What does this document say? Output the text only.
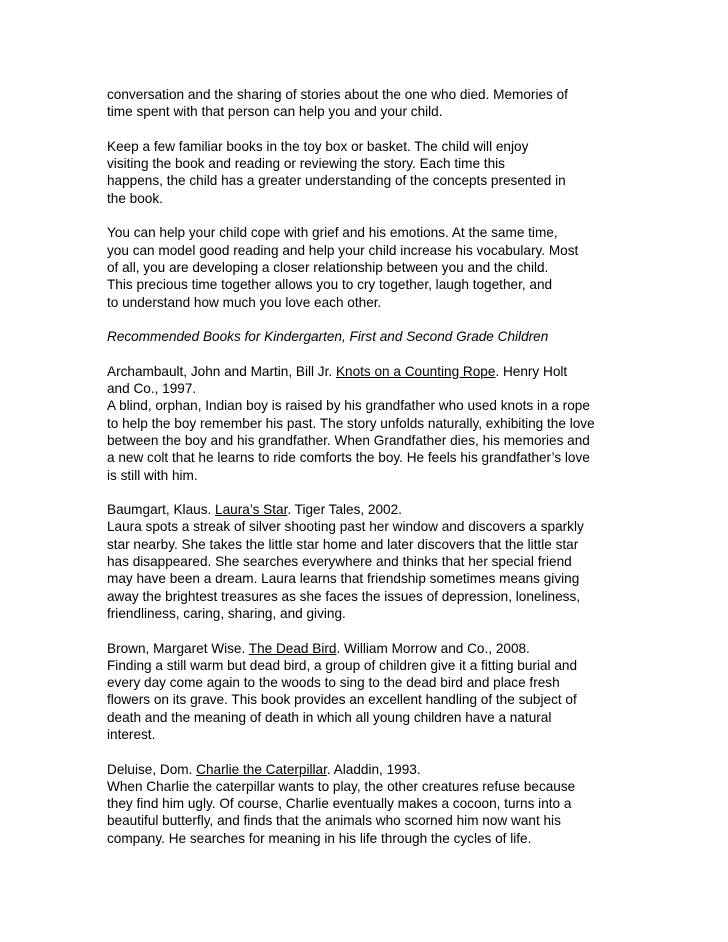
conversation and the sharing of stories about the one who died. Memories of
time spent with that person can help you and your child.
Keep a few familiar books in the toy box or basket. The child will enjoy
visiting the book and reading or reviewing the story. Each time this
happens, the child has a greater understanding of the concepts presented in
the book.
You can help your child cope with grief and his emotions. At the same time,
you can model good reading and help your child increase his vocabulary. Most
of all, you are developing a closer relationship between you and the child.
This precious time together allows you to cry together, laugh together, and
to understand how much you love each other.
Recommended Books for Kindergarten, First and Second Grade Children
Archambault, John and Martin, Bill Jr. Knots on a Counting Rope. Henry Holt
and Co., 1997.
A blind, orphan, Indian boy is raised by his grandfather who used knots in a rope
to help the boy remember his past. The story unfolds naturally, exhibiting the love
between the boy and his grandfather. When Grandfather dies, his memories and
a new colt that he learns to ride comforts the boy. He feels his grandfather’s love
is still with him.
Baumgart, Klaus. Laura’s Star. Tiger Tales, 2002.
Laura spots a streak of silver shooting past her window and discovers a sparkly
star nearby. She takes the little star home and later discovers that the little star
has disappeared. She searches everywhere and thinks that her special friend
may have been a dream. Laura learns that friendship sometimes means giving
away the brightest treasures as she faces the issues of depression, loneliness,
friendliness, caring, sharing, and giving.
Brown, Margaret Wise. The Dead Bird. William Morrow and Co., 2008.
Finding a still warm but dead bird, a group of children give it a fitting burial and
every day come again to the woods to sing to the dead bird and place fresh
flowers on its grave. This book provides an excellent handling of the subject of
death and the meaning of death in which all young children have a natural
interest.
Deluise, Dom. Charlie the Caterpillar. Aladdin, 1993.
When Charlie the caterpillar wants to play, the other creatures refuse because
they find him ugly. Of course, Charlie eventually makes a cocoon, turns into a
beautiful butterfly, and finds that the animals who scorned him now want his
company. He searches for meaning in his life through the cycles of life.
